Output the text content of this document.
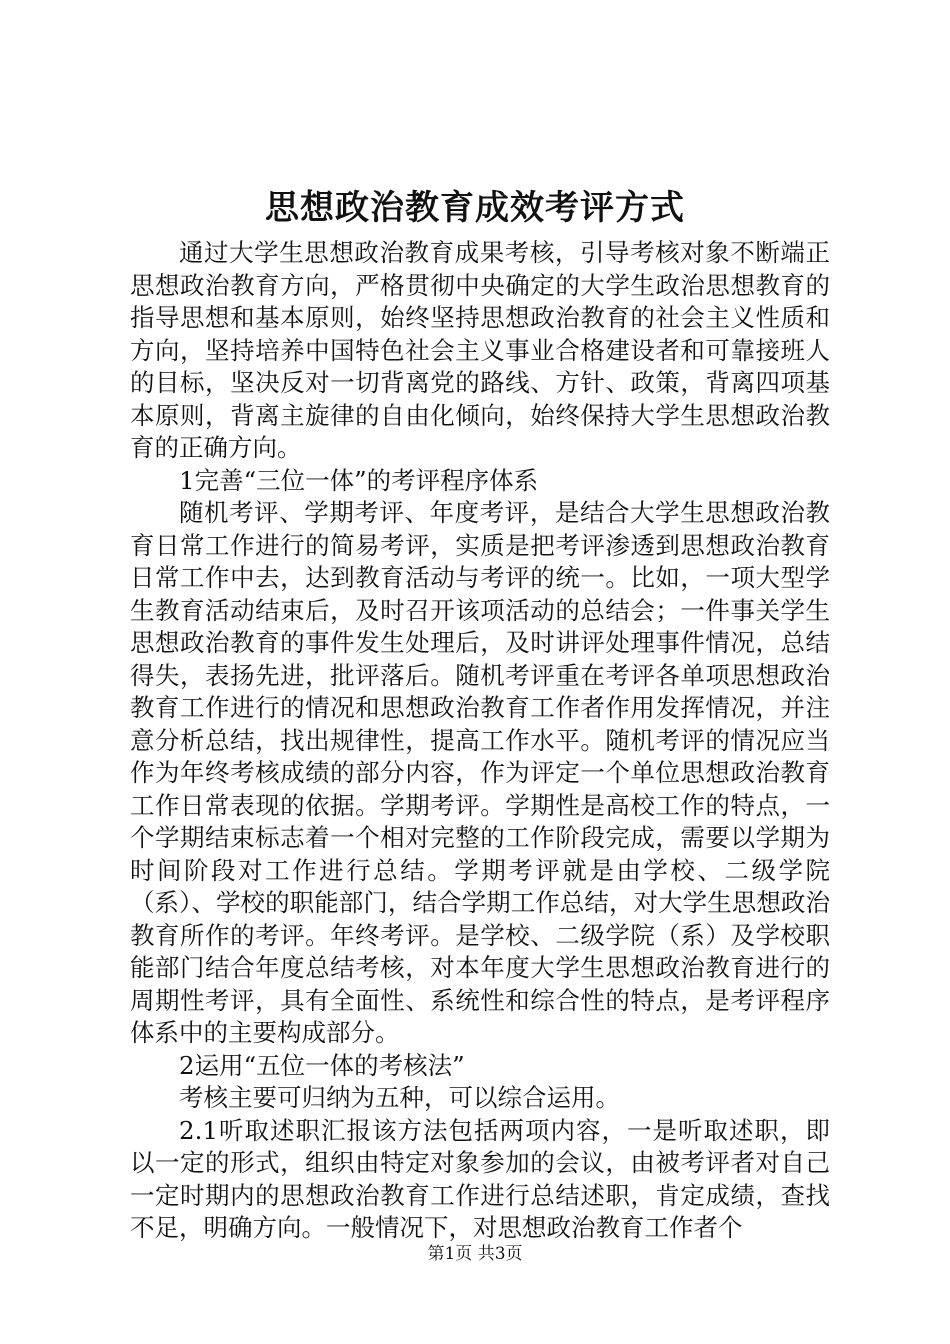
思想政治教育成效考评方式

通过大学生思想政治教育成果考核，引导考核对象不断端正思想政治教育方向，严格贯彻中央确定的大学生政治思想教育的指导思想和基本原则，始终坚持思想政治教育的社会主义性质和方向，坚持培养中国特色社会主义事业合格建设者和可靠接班人的目标，坚决反对一切背离党的路线、方针、政策，背离四项基本原则，背离主旋律的自由化倾向，始终保持大学生思想政治教育的正确方向。

1完善“三位一体”的考评程序体系

随机考评、学期考评、年度考评，是结合大学生思想政治教育日常工作进行的简易考评，实质是把考评渗透到思想政治教育日常工作中去，达到教育活动与考评的统一。比如，一项大型学生教育活动结束后，及时召开该项活动的总结会；一件事关学生思想政治教育的事件发生处理后，及时讲评处理事件情况，总结得失，表扬先进，批评落后。随机考评重在考评各单项思想政治教育工作进行的情况和思想政治教育工作者作用发挥情况，并注意分析总结，找出规律性，提高工作水平。随机考评的情况应当作为年终考核成绩的部分内容，作为评定一个单位思想政治教育工作日常表现的依据。学期考评。学期性是高校工作的特点，一个学期结束标志着一个相对完整的工作阶段完成，需要以学期为时间阶段对工作进行总结。学期考评就是由学校、二级学院（系）、学校的职能部门，结合学期工作总结，对大学生思想政治教育所作的考评。年终考评。是学校、二级学院（系）及学校职能部门结合年度总结考核，对本年度大学生思想政治教育进行的周期性考评，具有全面性、系统性和综合性的特点，是考评程序体系中的主要构成部分。

2运用“五位一体的考核法”

考核主要可归纳为五种，可以综合运用。

2.1听取述职汇报该方法包括两项内容，一是听取述职，即以一定的形式，组织由特定对象参加的会议，由被考评者对自己一定时期内的思想政治教育工作进行总结述职，肯定成绩，查找不足，明确方向。一般情况下，对思想政治教育工作者个

第1页 共3页
